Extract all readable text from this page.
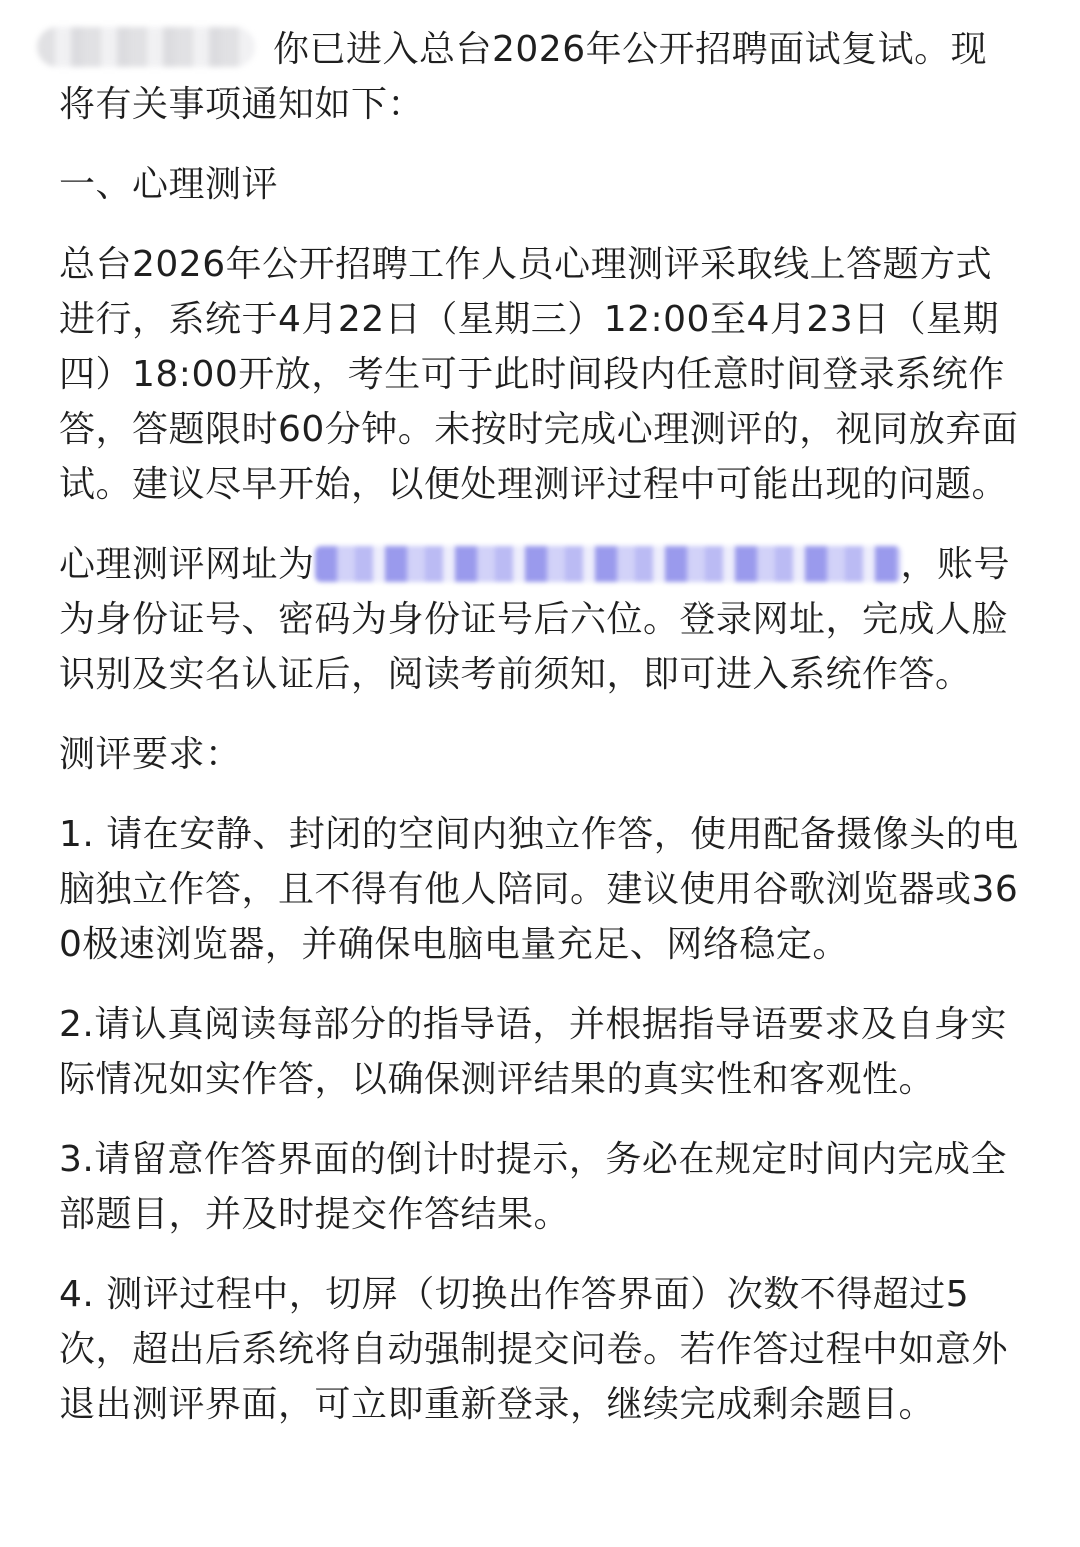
你已进入总台2026年公开招聘面试复试。现将有关事项通知如下：

一、心理测评

总台2026年公开招聘工作人员心理测评采取线上答题方式进行，系统于4月22日（星期三）12:00至4月23日（星期四）18:00开放，考生可于此时间段内任意时间登录系统作答，答题限时60分钟。未按时完成心理测评的，视同放弃面试。建议尽早开始，以便处理测评过程中可能出现的问题。

心理测评网址为	，账号为身份证号、密码为身份证号后六位。登录网址，完成人脸识别及实名认证后，阅读考前须知，即可进入系统作答。

测评要求：

1. 请在安静、封闭的空间内独立作答，使用配备摄像头的电脑独立作答，且不得有他人陪同。建议使用谷歌浏览器或360极速浏览器，并确保电脑电量充足、网络稳定。

2.请认真阅读每部分的指导语，并根据指导语要求及自身实际情况如实作答，以确保测评结果的真实性和客观性。

3.请留意作答界面的倒计时提示，务必在规定时间内完成全部题目，并及时提交作答结果。

4. 测评过程中，切屏（切换出作答界面）次数不得超过5次，超出后系统将自动强制提交问卷。若作答过程中如意外退出测评界面，可立即重新登录，继续完成剩余题目。
